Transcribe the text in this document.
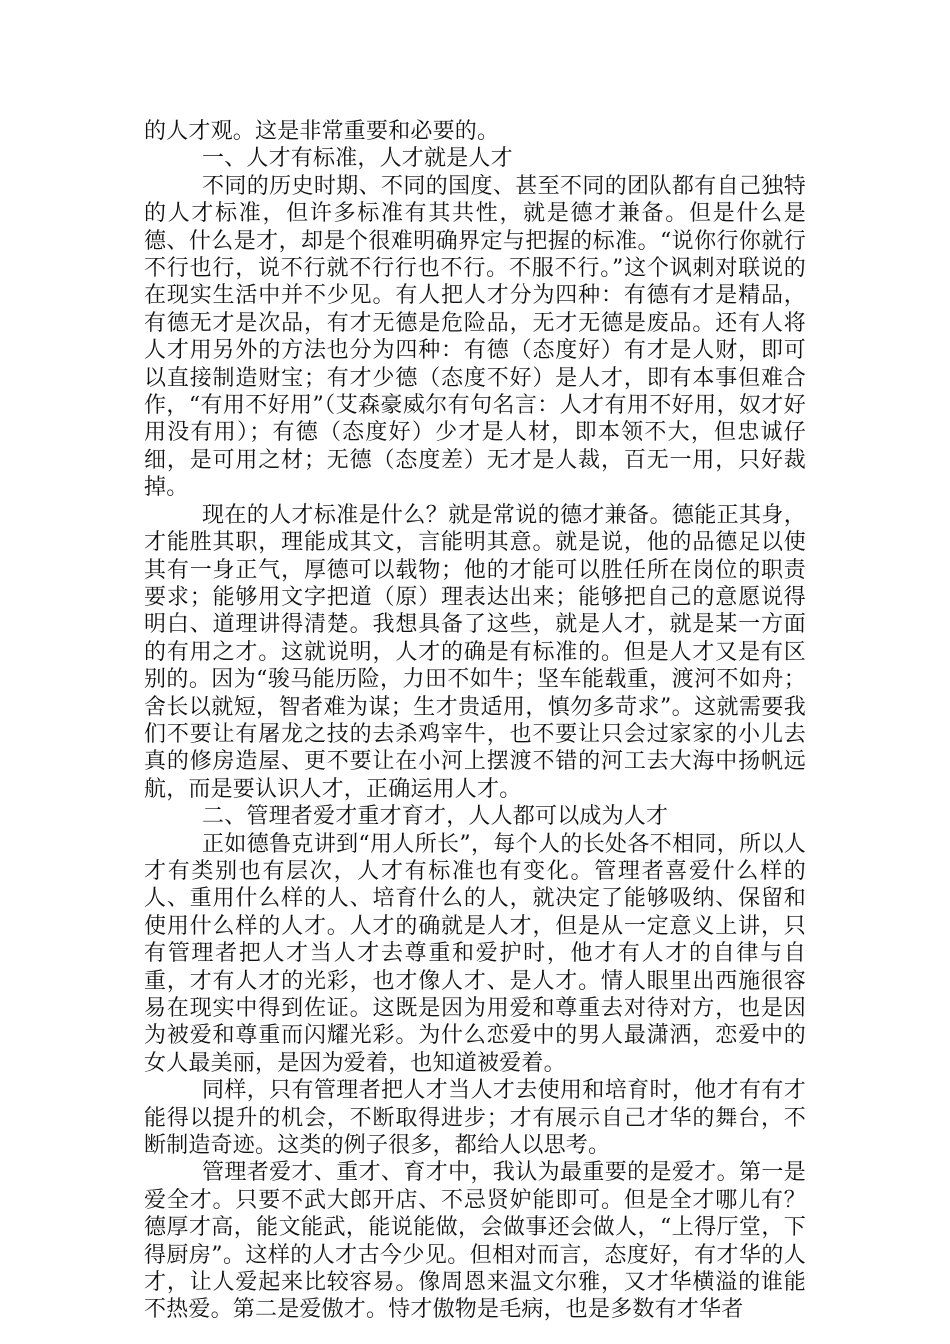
的人才观。这是非常重要和必要的。

一、人才有标准，人才就是人才

不同的历史时期、不同的国度、甚至不同的团队都有自己独特的人才标准，但许多标准有其共性，就是德才兼备。但是什么是德、什么是才，却是个很难明确界定与把握的标准。“说你行你就行不行也行，说不行就不行行也不行。不服不行。”这个讽刺对联说的在现实生活中并不少见。有人把人才分为四种：有德有才是精品，有德无才是次品，有才无德是危险品，无才无德是废品。还有人将人才用另外的方法也分为四种：有德（态度好）有才是人财，即可以直接制造财宝；有才少德（态度不好）是人才，即有本事但难合作，“有用不好用”（艾森豪威尔有句名言：人才有用不好用，奴才好用没有用）；有德（态度好）少才是人材，即本领不大，但忠诚仔细，是可用之材；无德（态度差）无才是人裁，百无一用，只好裁掉。

现在的人才标准是什么？就是常说的德才兼备。德能正其身，才能胜其职，理能成其文，言能明其意。就是说，他的品德足以使其有一身正气，厚德可以载物；他的才能可以胜任所在岗位的职责要求；能够用文字把道（原）理表达出来；能够把自己的意愿说得明白、道理讲得清楚。我想具备了这些，就是人才，就是某一方面的有用之才。这就说明，人才的确是有标准的。但是人才又是有区别的。因为“骏马能历险，力田不如牛；坚车能载重，渡河不如舟；舍长以就短，智者难为谋；生才贵适用，慎勿多苛求”。这就需要我们不要让有屠龙之技的去杀鸡宰牛，也不要让只会过家家的小儿去真的修房造屋、更不要让在小河上摆渡不错的河工去大海中扬帆远航，而是要认识人才，正确运用人才。

二、管理者爱才重才育才，人人都可以成为人才

正如德鲁克讲到“用人所长”，每个人的长处各不相同，所以人才有类别也有层次，人才有标准也有变化。管理者喜爱什么样的人、重用什么样的人、培育什么的人，就决定了能够吸纳、保留和使用什么样的人才。人才的确就是人才，但是从一定意义上讲，只有管理者把人才当人才去尊重和爱护时，他才有人才的自律与自重，才有人才的光彩，也才像人才、是人才。情人眼里出西施很容易在现实中得到佐证。这既是因为用爱和尊重去对待对方，也是因为被爱和尊重而闪耀光彩。为什么恋爱中的男人最潇洒，恋爱中的女人最美丽，是因为爱着，也知道被爱着。

同样，只有管理者把人才当人才去使用和培育时，他才有有才能得以提升的机会，不断取得进步；才有展示自己才华的舞台，不断制造奇迹。这类的例子很多，都给人以思考。

管理者爱才、重才、育才中，我认为最重要的是爱才。第一是爱全才。只要不武大郎开店、不忌贤妒能即可。但是全才哪儿有？德厚才高，能文能武，能说能做，会做事还会做人，“上得厅堂，下得厨房”。这样的人才古今少见。但相对而言，态度好，有才华的人才，让人爱起来比较容易。像周恩来温文尔雅，又才华横溢的谁能不热爱。第二是爱傲才。恃才傲物是毛病，也是多数有才华者
